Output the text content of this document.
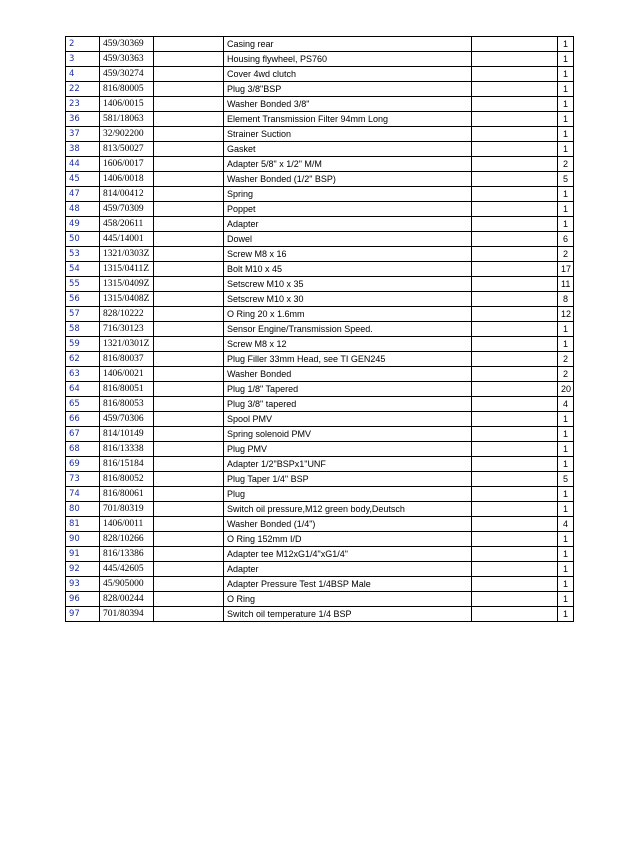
2	459/30369		Casing rear		1
3	459/30363		Housing flywheel, PS760		1
4	459/30274		Cover 4wd clutch		1
22	816/80005		Plug 3/8"BSP		1
23	1406/0015		Washer Bonded 3/8"		1
36	581/18063		Element Transmission Filter 94mm Long		1
37	32/902200		Strainer Suction		1
38	813/50027		Gasket		1
44	1606/0017		Adapter 5/8" x 1/2" M/M		2
45	1406/0018		Washer Bonded (1/2" BSP)		5
47	814/00412		Spring		1
48	459/70309		Poppet		1
49	458/20611		Adapter		1
50	445/14001		Dowel		6
53	1321/0303Z		Screw M8 x 16		2
54	1315/0411Z		Bolt M10 x 45		17
55	1315/0409Z		Setscrew M10 x 35		11
56	1315/0408Z		Setscrew M10 x 30		8
57	828/10222		O Ring 20 x 1.6mm		12
58	716/30123		Sensor Engine/Transmission Speed.		1
59	1321/0301Z		Screw M8 x 12		1
62	816/80037		Plug Filler 33mm Head, see TI GEN245		2
63	1406/0021		Washer Bonded		2
64	816/80051		Plug 1/8" Tapered		20
65	816/80053		Plug 3/8" tapered		4
66	459/70306		Spool PMV		1
67	814/10149		Spring solenoid PMV		1
68	816/13338		Plug PMV		1
69	816/15184		Adapter 1/2"BSPx1"UNF		1
73	816/80052		Plug Taper 1/4" BSP		5
74	816/80061		Plug		1
80	701/80319		Switch oil pressure,M12 green body,Deutsch		1
81	1406/0011		Washer Bonded (1/4")		4
90	828/10266		O Ring 152mm I/D		1
91	816/13386		Adapter tee M12xG1/4"xG1/4"		1
92	445/42605		Adapter		1
93	45/905000		Adapter Pressure Test 1/4BSP Male		1
96	828/00244		O Ring		1
97	701/80394		Switch oil temperature 1/4 BSP		1
